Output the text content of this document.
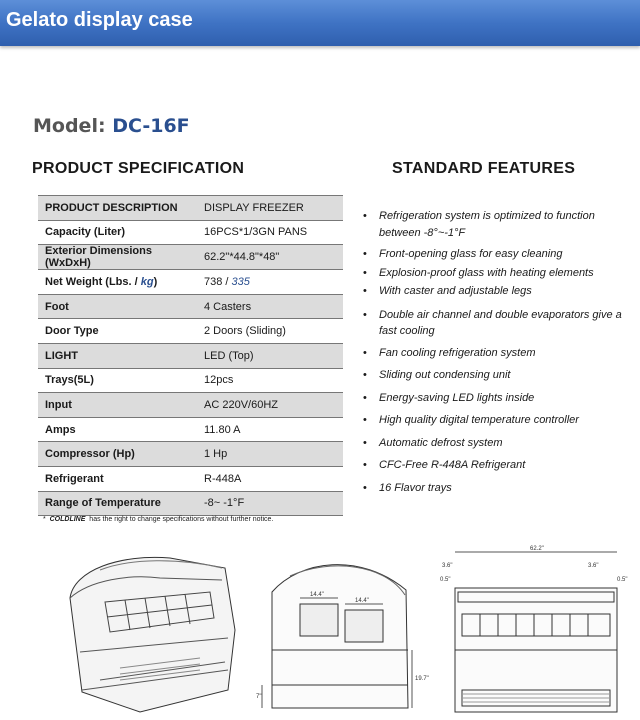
Gelato display case
Model: DC-16F
PRODUCT SPECIFICATION	STANDARD FEATURES
PRODUCT DESCRIPTION	DISPLAY FREEZER
Capacity (Liter)	16PCS*1/3GN PANS
Exterior Dimensions (WxDxH)	62.2"*44.8"*48"
Net Weight (Lbs. / kg)	738 / 335
Foot	4 Casters
Door Type	2 Doors (Sliding)
LIGHT	LED (Top)
Trays(5L)	12pcs
Input	AC 220V/60HZ
Amps	11.80 A
Compressor (Hp)	1 Hp
Refrigerant	R-448A
Range of Temperature	-8~ -1°F
*  COLDLINE has the right to change specifications without further notice.
• Refrigeration system is optimized to function between -8°~-1°F
• Front-opening glass for easy cleaning
• Explosion-proof glass with heating elements
• With caster and adjustable legs
• Double air channel and double evaporators give a fast cooling
• Fan cooling refrigeration system
• Sliding out condensing unit
• Energy-saving LED lights inside
• High quality digital temperature controller
• Automatic defrost system
• CFC-Free R-448A Refrigerant
• 16 Flavor trays
14.4"
14.4"
19.7"
7"
62.2"
3.6"	3.6"
0.5"	0.5"
